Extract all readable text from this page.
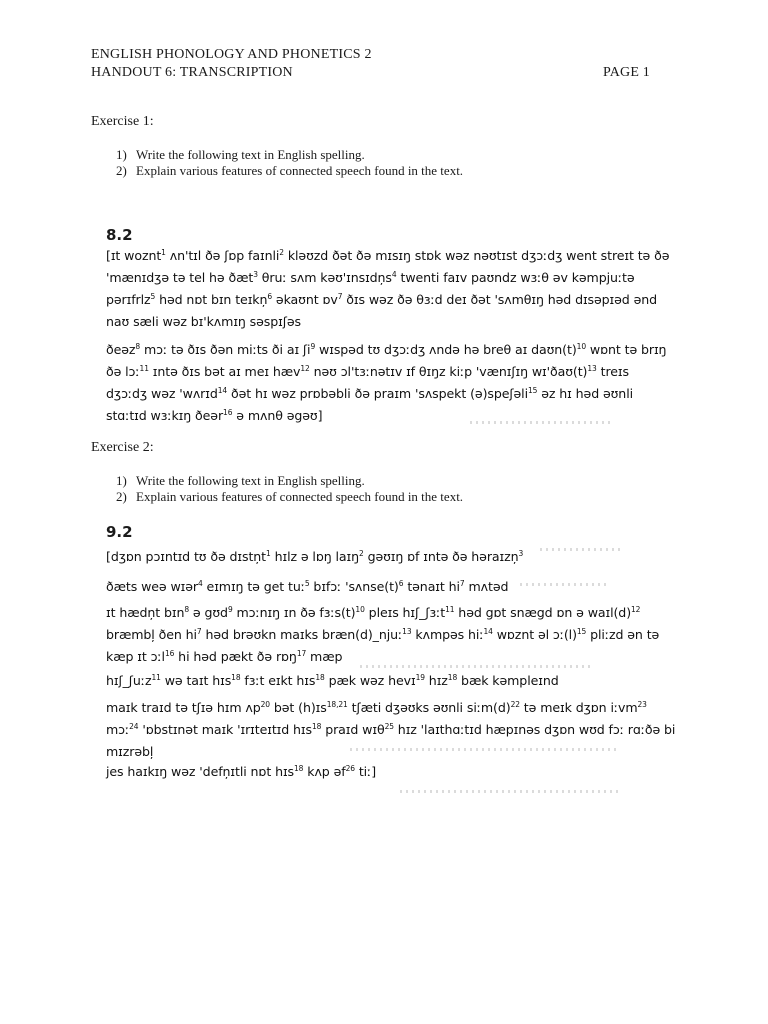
ENGLISH PHONOLOGY AND PHONETICS 2
HANDOUT 6: TRANSCRIPTION	PAGE 1
Exercise 1:
1) Write the following text in English spelling.
2) Explain various features of connected speech found in the text.
8.2
[ɪt woznt$^1$ ʌn'tɪl ðə ʃɒp faɪnli$^2$ kləʊzd ðət ðə mɪsɪŋ stɒk wəz nəʊtɪst dʒɔːdʒ went streɪt tə ðə
'mænɪdʒə tə tel hə ðæt$^3$ θruː sʌm kəʊ'ɪnsɪdņs$^4$ twenti faɪv paʊndz wɜːθ əv kəmpjuːtə
pərɪfrlz$^5$ həd nɒt bɪn teɪkņ$^6$ əkaʊnt ɒv$^7$ ðɪs wəz ðə θɜːd deɪ ðət 'sʌmθɪŋ həd dɪsəpɪəd ənd
naʊ sæli wəz bɪ'kʌmɪŋ səspɪʃəs
ðeəz$^8$ mɔː tə ðɪs ðən miːts ði aɪ ʃi$^9$ wɪspəd tʊ dʒɔːdʒ ʌndə hə breθ aɪ $daʊn(t)^{10}$ wɒnt tə brɪŋ
ðə lɔː$^{11}$ ɪntə ðɪs bət aɪ meɪ hæv$^{12}$ nəʊ ɔl'tɜːnətɪv ɪf θɪŋz kiːp 'vænɪʃɪŋ $wɪ'ðaʊ(t)^{13}$ treɪs
dʒɔːdʒ wəz 'wʌrɪd$^{14}$ ðət hɪ wəz prɒbəbli ðə praɪm 'sʌspekt (ə)speʃəli$^{15}$ əz hɪ həd əʊnli
stɑːtɪd wɜːkɪŋ ðeər$^{16}$ ə mʌnθ əgəʊ]
Exercise 2:
1) Write the following text in English spelling.
2) Explain various features of connected speech found in the text.
9.2
[dʒɒn pɔɪntɪd tʊ ðə dɪstņt$^1$ hɪlz ə lɒŋ laɪŋ$^2$ gəʊɪŋ ɒf ɪntə ðə həraɪzņ$^3$
ðæts weə wɪər$^4$ eɪmɪŋ tə get tuː$^5$ bɪfɔː '$sʌnse(t)^6$ tənaɪt $hi^7$ mʌtəd
ɪt hædņt bɪn$^8$ ə gʊd$^9$ mɔːnɪŋ ɪn ðə $fɜːs(t)^{10}$ pleɪs hɪʃ_ʃɜːt$^{11}$ həd gɒt snægd ɒn ə $waɪl(d)^{12}$
bræmbļ ðen $hi^7$ həd brəʊkn maɪks bræn(d)_njuː$^{13}$ kʌmpəs hiː$^{14}$ wɒznt əl $ɔː(l)^{15}$ pliːzd ən tə
kæp ɪt ɔːl$^{16}$ hi həd pækt ðə rɒŋ$^{17}$ mæp
hɪʃ_ʃuːz$^{11}$ wə taɪt hɪs$^{18}$ fɜːt eɪkt hɪs$^{18}$ pæk wəz hevɪ$^{19}$ hɪz$^{18}$ bæk kəmpleɪnd
maɪk traɪd tə tʃɪə hɪm ʌp$^{20}$ bət (h)ɪs$^{18,21}$ tʃæti dʒəʊks əʊnli $siːm(d)^{22}$ tə meɪk dʒɒn iːvm$^{23}$
mɔː$^{24}$ 'ɒbstɪnət maɪk 'ɪrɪteɪtɪd hɪs$^{18}$ praɪd wɪθ$^{25}$ hɪz 'laɪthɑːtɪd hæpɪnəs dʒɒn wʊd fɔː rɑːðə bi
mɪzrəbļ
jes haɪkɪŋ wəz 'defņɪtli nɒt hɪs$^{18}$ kʌp əf$^{26}$ tiː]
